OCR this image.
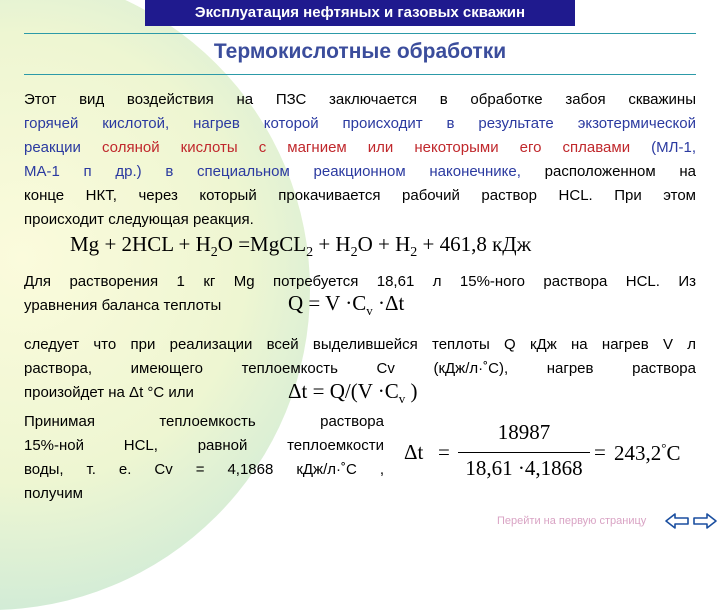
Эксплуатация нефтяных и газовых скважин
Термокислотные обработки
Этот вид воздействия на ПЗС заключается в обработке забоя скважины
горячей кислотой, нагрев которой происходит в результате экзотермической
реакции соляной кислоты с магнием или некоторыми его сплавами (МЛ-1,
МА-1 п др.) в специальном реакционном наконечнике, расположенном на
конце НКТ, через который прокачивается рабочий раствор HCL. При этом
происходит следующая реакция.
$Mg + 2HCL + H_2O$ =MgCL$_2$ + $H_2O + H_2 + 461,8$ кДж
Для растворения 1 кг Mg потребуется 18,61 л 15%-ного раствора HCL. Из
уравнения баланса теплоты	$Q = V \cdot C_v \cdot\Delta t$
следует что при реализации всей выделившейся теплоты Q кДж на нагрев V л
раствора, имеющего теплоемкость Cv (кДж/л·˚С), нагрев раствора
произойдет на Δt °С или	$\Delta t = Q/(V \cdot C_v$ )
Принимая теплоемкость раствора
15%-ной HCL, равной теплоемкости
воды, т. е. Cv = 4,1868 кДж/л·˚С ,
получим
Δt =
18987
18,61 ·4,1868
= 243,2°C
Перейти на первую страницу
